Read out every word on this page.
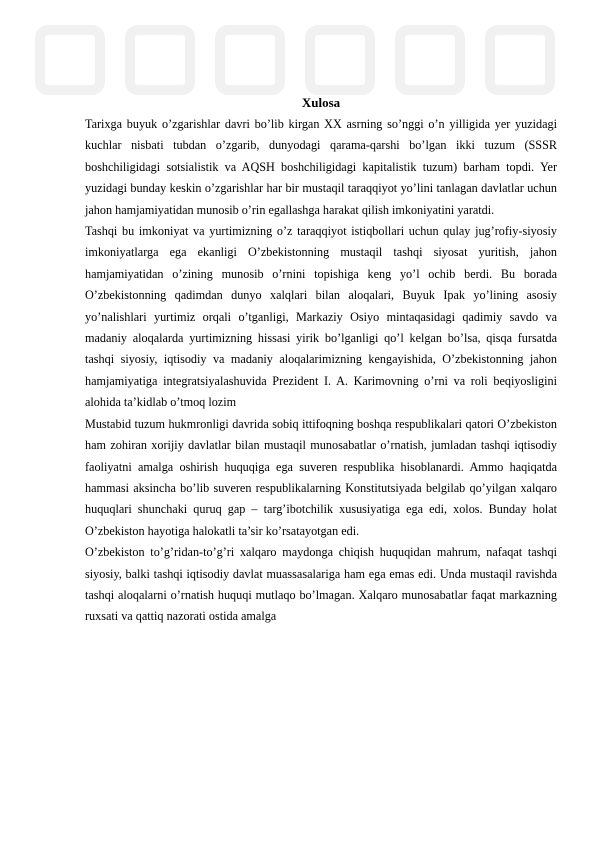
Xulosa

Tarixga buyuk o’zgarishlar davri bo’lib kirgan XX asrning so’nggi o’n yilligida yer yuzidagi kuchlar nisbati tubdan o’zgarib, dunyodagi qarama-qarshi bo’lgan ikki tuzum (SSSR boshchiligidagi sotsialistik va AQSH boshchiligidagi kapitalistik tuzum) barham topdi. Yer yuzidagi bunday keskin o’zgarishlar har bir mustaqil taraqqiyot yo’lini tanlagan davlatlar uchun jahon hamjamiyatidan munosib o’rin egallashga harakat qilish imkoniyatini yaratdi.

Tashqi bu imkoniyat va yurtimizning o’z taraqqiyot istiqbollari uchun qulay jug’rofiy-siyosiy imkoniyatlarga ega ekanligi O’zbekistonning mustaqil tashqi siyosat yuritish, jahon hamjamiyatidan o’zining munosib o’rnini topishiga keng yo’l ochib berdi. Bu borada O’zbekistonning qadimdan dunyo xalqlari bilan aloqalari, Buyuk Ipak yo’lining asosiy yo’nalishlari yurtimiz orqali o’tganligi, Markaziy Osiyo mintaqasidagi qadimiy savdo va madaniy aloqalarda yurtimizning hissasi yirik bo’lganligi qo’l kelgan bo’lsa, qisqa fursatda tashqi siyosiy, iqtisodiy va madaniy aloqalarimizning kengayishida, O’zbekistonning jahon hamjamiyatiga integratsiyalashuvida Prezident I. A. Karimovning o’rni va roli beqiyosligini alohida ta’kidlab o’tmoq lozim

Mustabid tuzum hukmronligi davrida sobiq ittifoqning boshqa respublikalari qatori O’zbekiston ham zohiran xorijiy davlatlar bilan mustaqil munosabatlar o’rnatish, jumladan tashqi iqtisodiy faoliyatni amalga oshirish huquqiga ega suveren respublika hisoblanardi. Ammo haqiqatda hammasi aksincha bo’lib suveren respublikalarning Konstitutsiyada belgilab qo’yilgan xalqaro huquqlari shunchaki quruq gap – targ’ibotchilik xususiyatiga ega edi, xolos. Bunday holat O’zbekiston hayotiga halokatli ta’sir ko’rsatayotgan edi.

O’zbekiston to’g’ridan-to’g’ri xalqaro maydonga chiqish huquqidan mahrum, nafaqat tashqi siyosiy, balki tashqi iqtisodiy davlat muassasalariga ham ega emas edi. Unda mustaqil ravishda tashqi aloqalarni o’rnatish huquqi mutlaqo bo’lmagan. Xalqaro munosabatlar faqat markazning ruxsati va qattiq nazorati ostida amalga
